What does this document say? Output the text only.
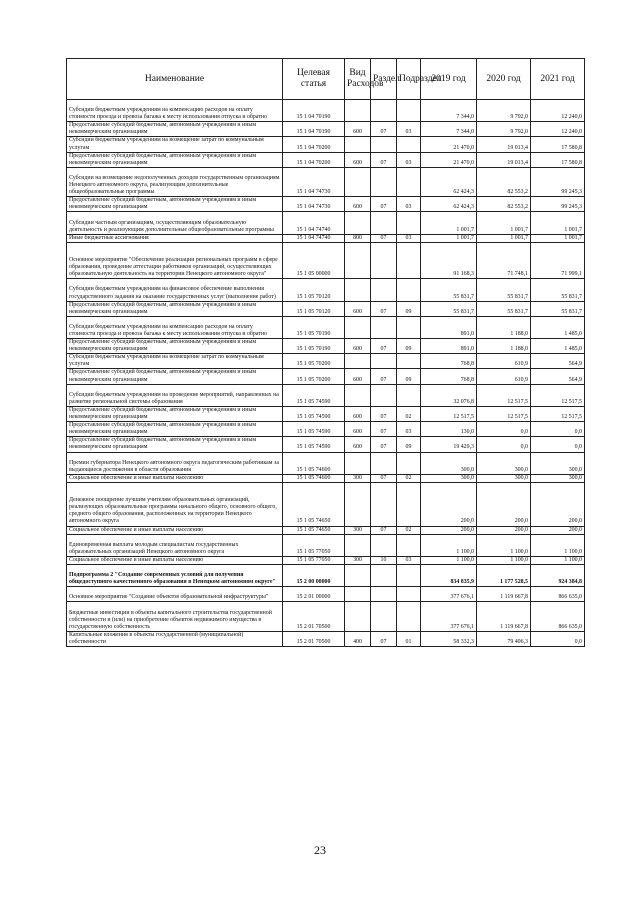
Наименование	Целевая статья	Вид Расходов	Раздел	Подраздел	2019 год	2020 год	2021 год
Субсидии бюджетным учреждениям на компенсацию расходов на оплату стоимости проезда и провоза багажа к месту использования отпуска и обратно	15 1 04 70190				7 344,0	9 792,0	12 240,0
Предоставление субсидий бюджетным, автономным учреждениям и иным некоммерческим организациям	15 1 04 70190	600	07	03	7 344,0	9 792,0	12 240,0
Субсидии бюджетным учреждениям на возмещение затрат по коммунальным услугам	15 1 04 70200				21 470,0	19 013,4	17 580,8
Предоставление субсидий бюджетным, автономным учреждениям и иным некоммерческим организациям	15 1 04 70200	600	07	03	21 470,0	19 013,4	17 580,8
Субсидии на возмещение недополученных доходов государственным организациям Ненецкого автономного округа, реализующим дополнительные общеобразовательные программы	15 1 04 74730				62 424,3	82 553,2	99 245,3
Предоставление субсидий бюджетным, автономным учреждениям и иным некоммерческим организациям	15 1 04 74730	600	07	03	62 424,3	82 553,2	99 245,3
Субсидии частным организациям, осуществляющим образовательную деятельность и реализующим дополнительные общеобразовательные программы	15 1 04 74740				1 001,7	1 001,7	1 001,7
Иные бюджетные ассигнования	15 1 04 74740	800	07	03	1 001,7	1 001,7	1 001,7
Основное мероприятие "Обеспечение реализации региональных программ в сфере образования, проведение аттестации работников организаций, осуществляющих образовательную деятельность на территории Ненецкого автономного округа"	15 1 05 00000				91 168,3	71 748,1	71 999,1
Субсидии бюджетным учреждениям на финансовое обеспечение выполнения государственного задания на оказание государственных услуг (выполнение работ)	15 1 05 70120				55 831,7	55 831,7	55 831,7
Предоставление субсидий бюджетным, автономным учреждениям и иным некоммерческим организациям	15 1 05 70120	600	07	09	55 831,7	55 831,7	55 831,7
Субсидии бюджетным учреждениям на компенсацию расходов на оплату стоимости проезда и провоза багажа к месту использования отпуска и обратно	15 1 05 70190				891,0	1 188,0	1 485,0
Предоставление субсидий бюджетным, автономным учреждениям и иным некоммерческим организациям	15 1 05 70190	600	07	09	891,0	1 188,0	1 485,0
Субсидии бюджетным учреждениям на возмещение затрат по коммунальным услугам	15 1 05 70200				768,8	610,9	564,9
Предоставление субсидий бюджетным, автономным учреждениям и иным некоммерческим организациям	15 1 05 70200	600	07	09	768,8	610,9	564,9
Субсидии бюджетным учреждениям на проведение мероприятий, направленных на развитие региональной системы образования	15 1 05 74590				32 076,8	12 517,5	12 517,5
Предоставление субсидий бюджетным, автономным учреждениям и иным некоммерческим организациям	15 1 05 74590	600	07	02	12 517,5	12 517,5	12 517,5
Предоставление субсидий бюджетным, автономным учреждениям и иным некоммерческим организациям	15 1 05 74590	600	07	03	130,0	0,0	0,0
Предоставление субсидий бюджетным, автономным учреждениям и иным некоммерческим организациям	15 1 05 74590	600	07	09	19 429,3	0,0	0,0
Премии губернатора Ненецкого автономного округа педагогическим работникам за выдающиеся достижения в области образования	15 1 05 74600				300,0	300,0	300,0
Социальное обеспечение и иные выплаты населению	15 1 05 74600	300	07	02	300,0	300,0	300,0
Денежное поощрение лучшим учителям образовательных организаций, реализующих образовательные программы начального общего, основного общего, среднего общего образования, расположенных на территории Ненецкого автономного округа	15 1 05 74650				200,0	200,0	200,0
Социальное обеспечение и иные выплаты населению	15 1 05 74650	300	07	02	200,0	200,0	200,0
Единовременная выплата молодым специалистам государственных образовательных организаций Ненецкого автономного округа	15 1 05 77050				1 100,0	1 100,0	1 100,0
Социальное обеспечение и иные выплаты населению	15 1 05 77050	300	10	03	1 100,0	1 100,0	1 100,0
Подпрограмма 2 "Создание современных условий для получения общедоступного качественного образования в Ненецком автономном округе"	15 2 00 00000				834 835,9	1 177 528,5	924 384,8
Основное мероприятие "Создание объектов образовательной инфраструктуры"	15 2 01 00000				377 676,1	1 119 667,8	866 635,0
Бюджетные инвестиции в объекты капитального строительства государственной собственности и (или) на приобретение объектов недвижимого имущества в государственную собственность	15 2 01 70500				377 676,1	1 119 667,8	866 635,0
Капитальные вложения в объекты государственной (муниципальной) собственности	15 2 01 70500	400	07	01	58 332,3	79 406,3	0,0
23
